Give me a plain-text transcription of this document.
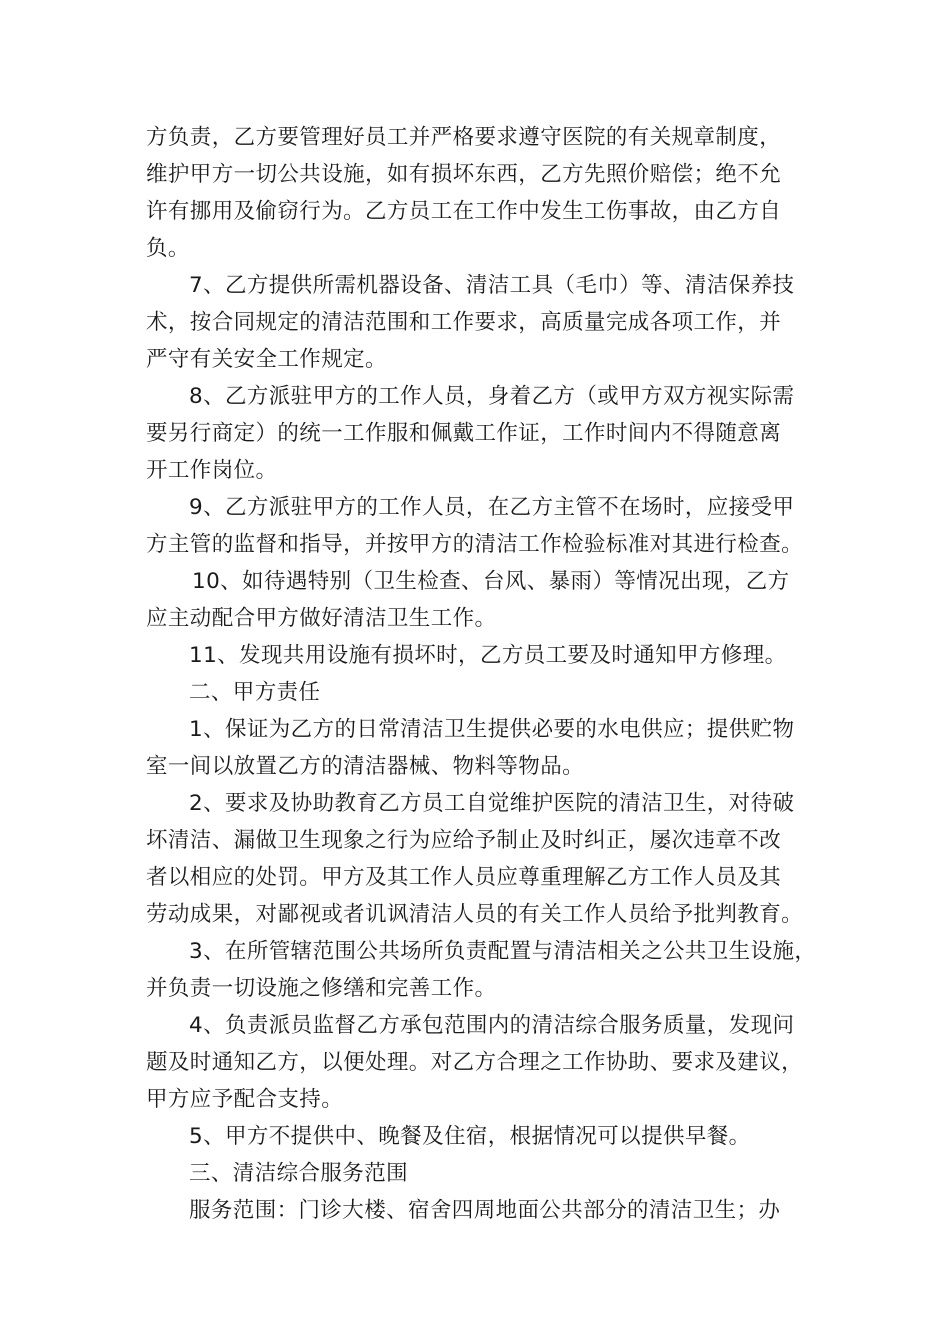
方负责，乙方要管理好员工并严格要求遵守医院的有关规章制度，
维护甲方一切公共设施，如有损坏东西，乙方先照价赔偿；绝不允
许有挪用及偷窃行为。乙方员工在工作中发生工伤事故，由乙方自
负。
7、乙方提供所需机器设备、清洁工具（毛巾）等、清洁保养技
术，按合同规定的清洁范围和工作要求，高质量完成各项工作，并
严守有关安全工作规定。
8、乙方派驻甲方的工作人员，身着乙方（或甲方双方视实际需
要另行商定）的统一工作服和佩戴工作证，工作时间内不得随意离
开工作岗位。
9、乙方派驻甲方的工作人员，在乙方主管不在场时，应接受甲
方主管的监督和指导，并按甲方的清洁工作检验标准对其进行检查。
10、如待遇特别（卫生检查、台风、暴雨）等情况出现，乙方
应主动配合甲方做好清洁卫生工作。
11、发现共用设施有损坏时，乙方员工要及时通知甲方修理。
二、甲方责任
1、保证为乙方的日常清洁卫生提供必要的水电供应；提供贮物
室一间以放置乙方的清洁器械、物料等物品。
2、要求及协助教育乙方员工自觉维护医院的清洁卫生，对待破
坏清洁、漏做卫生现象之行为应给予制止及时纠正，屡次违章不改
者以相应的处罚。甲方及其工作人员应尊重理解乙方工作人员及其
劳动成果，对鄙视或者讥讽清洁人员的有关工作人员给予批判教育。
3、在所管辖范围公共场所负责配置与清洁相关之公共卫生设施，
并负责一切设施之修缮和完善工作。
4、负责派员监督乙方承包范围内的清洁综合服务质量，发现问
题及时通知乙方，以便处理。对乙方合理之工作协助、要求及建议，
甲方应予配合支持。
5、甲方不提供中、晚餐及住宿，根据情况可以提供早餐。
三、清洁综合服务范围
服务范围：门诊大楼、宿舍四周地面公共部分的清洁卫生；办
